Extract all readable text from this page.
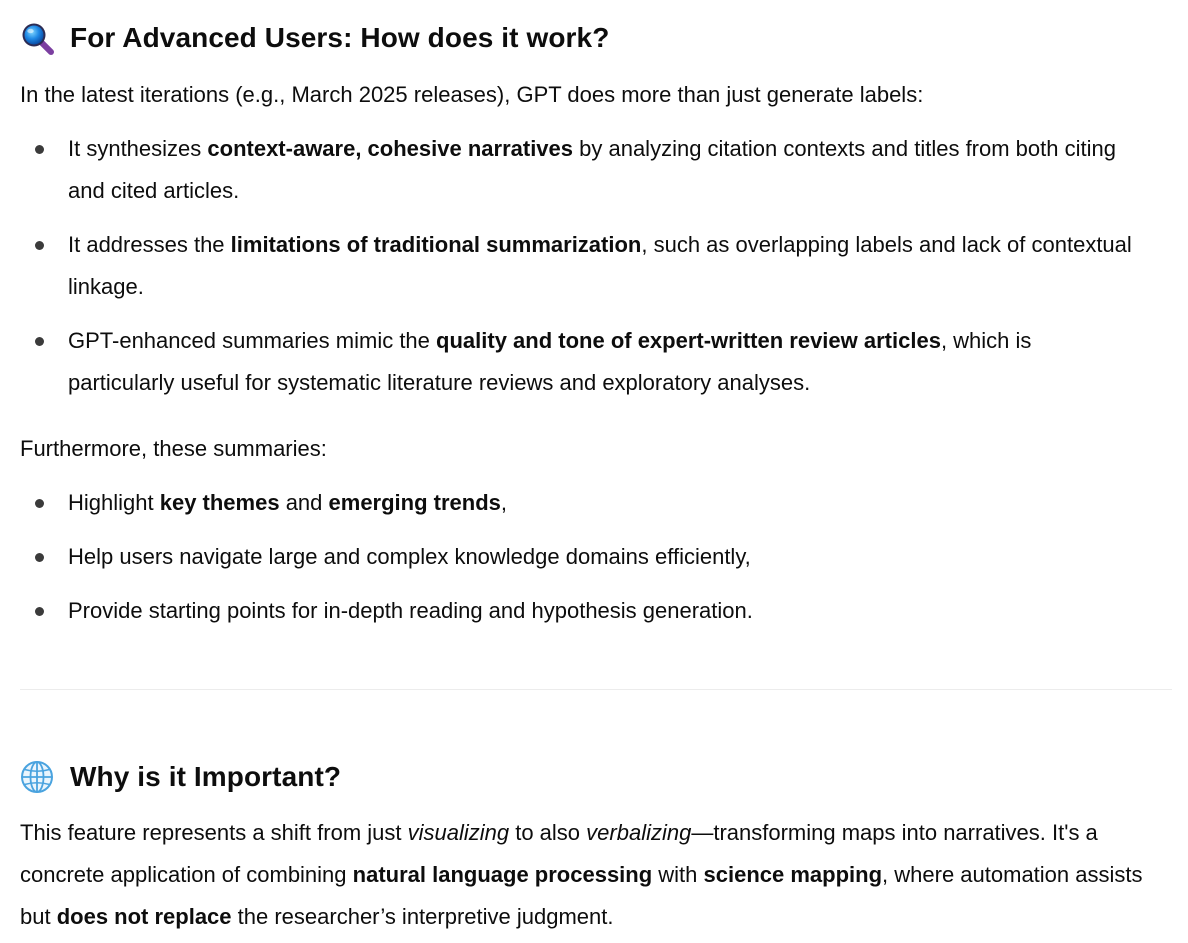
For Advanced Users: How does it work?

In the latest iterations (e.g., March 2025 releases), GPT does more than just generate labels:

It synthesizes context-aware, cohesive narratives by analyzing citation contexts and titles from both citing and cited articles.
It addresses the limitations of traditional summarization, such as overlapping labels and lack of contextual linkage.
GPT-enhanced summaries mimic the quality and tone of expert-written review articles, which is particularly useful for systematic literature reviews and exploratory analyses.

Furthermore, these summaries:

Highlight key themes and emerging trends,
Help users navigate large and complex knowledge domains efficiently,
Provide starting points for in-depth reading and hypothesis generation.
Why is it Important?

This feature represents a shift from just visualizing to also verbalizing—transforming maps into narratives. It's a concrete application of combining natural language processing with science mapping, where automation assists but does not replace the researcher’s interpretive judgment.
